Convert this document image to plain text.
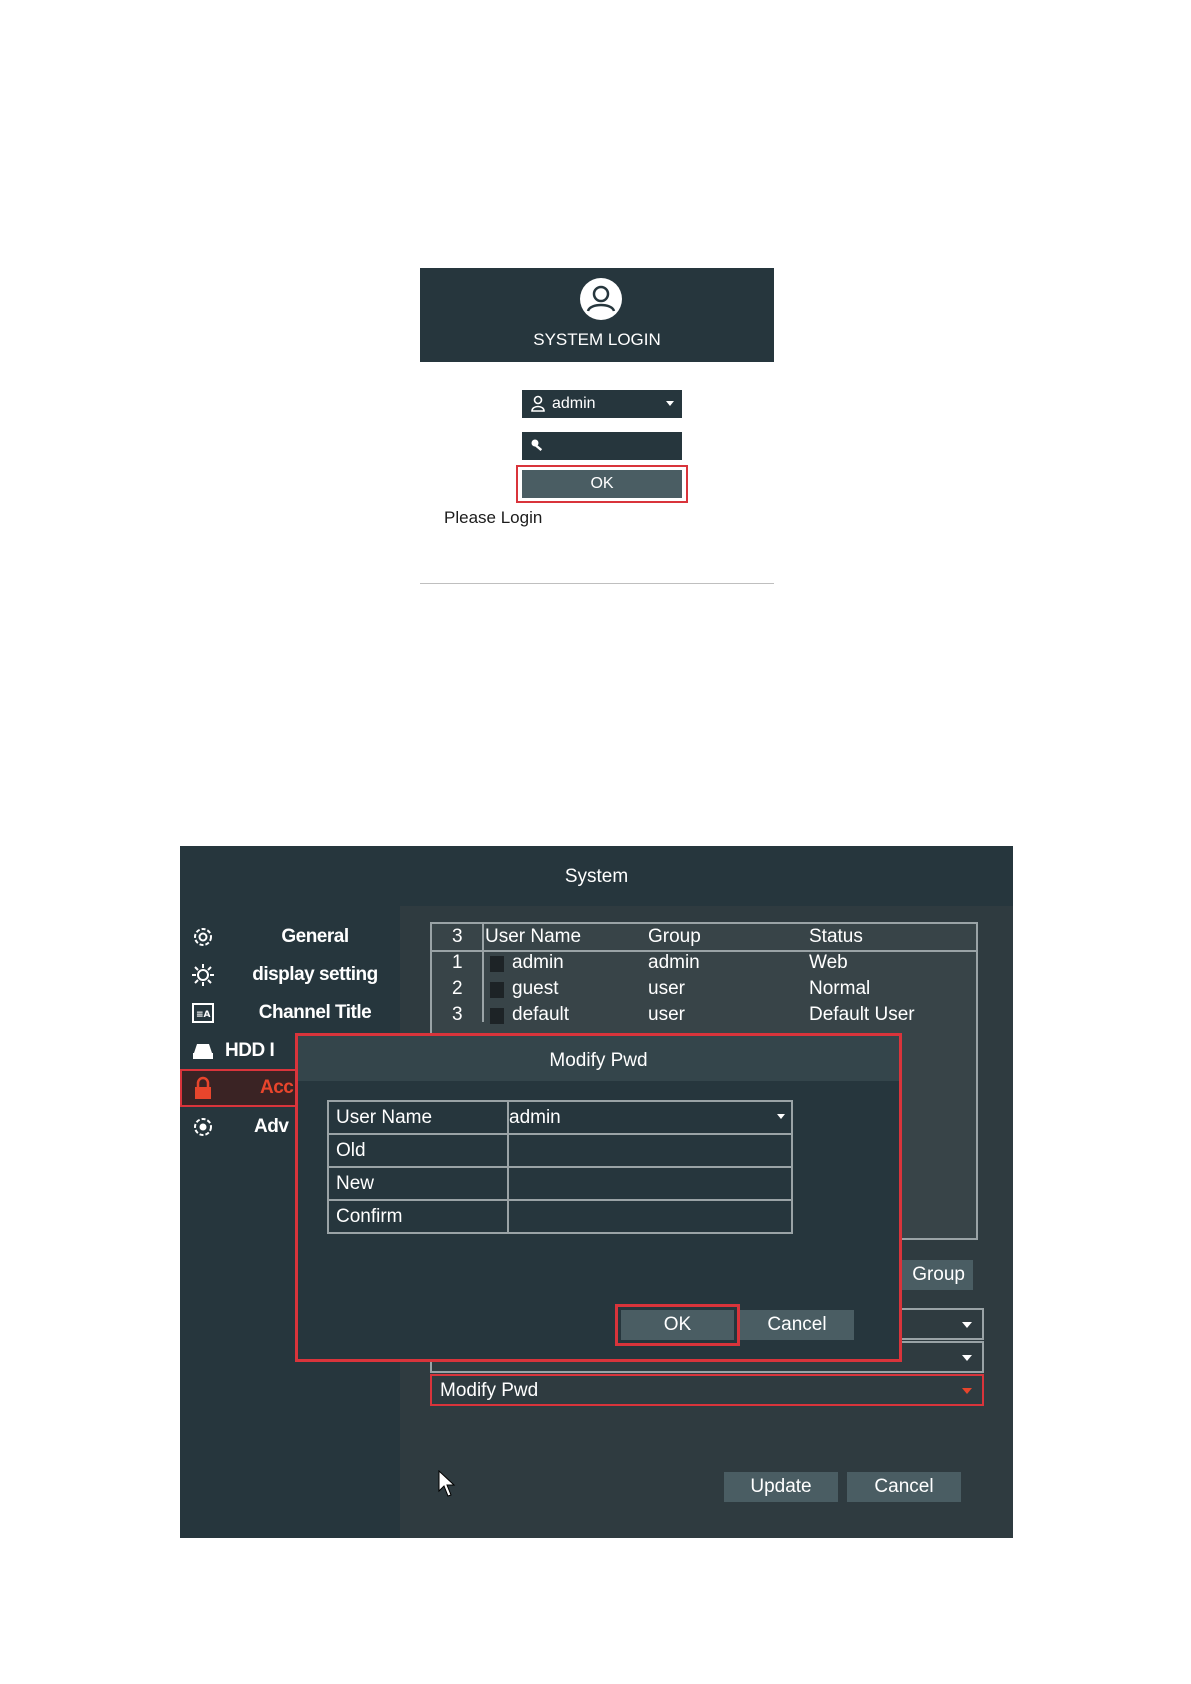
SYSTEM LOGIN
admin
OK
Please Login
System
General
display setting
≡A	Channel Title
HDD I
Acc
Adv
3 User Name	Group	Status
1	admin	admin	Web
2	guest	user	Normal
3	default	user	Default User
Group
Modify Pwd
Update	Cancel
Modify Pwd
User Name	admin
Old
New
Confirm
OK	Cancel
